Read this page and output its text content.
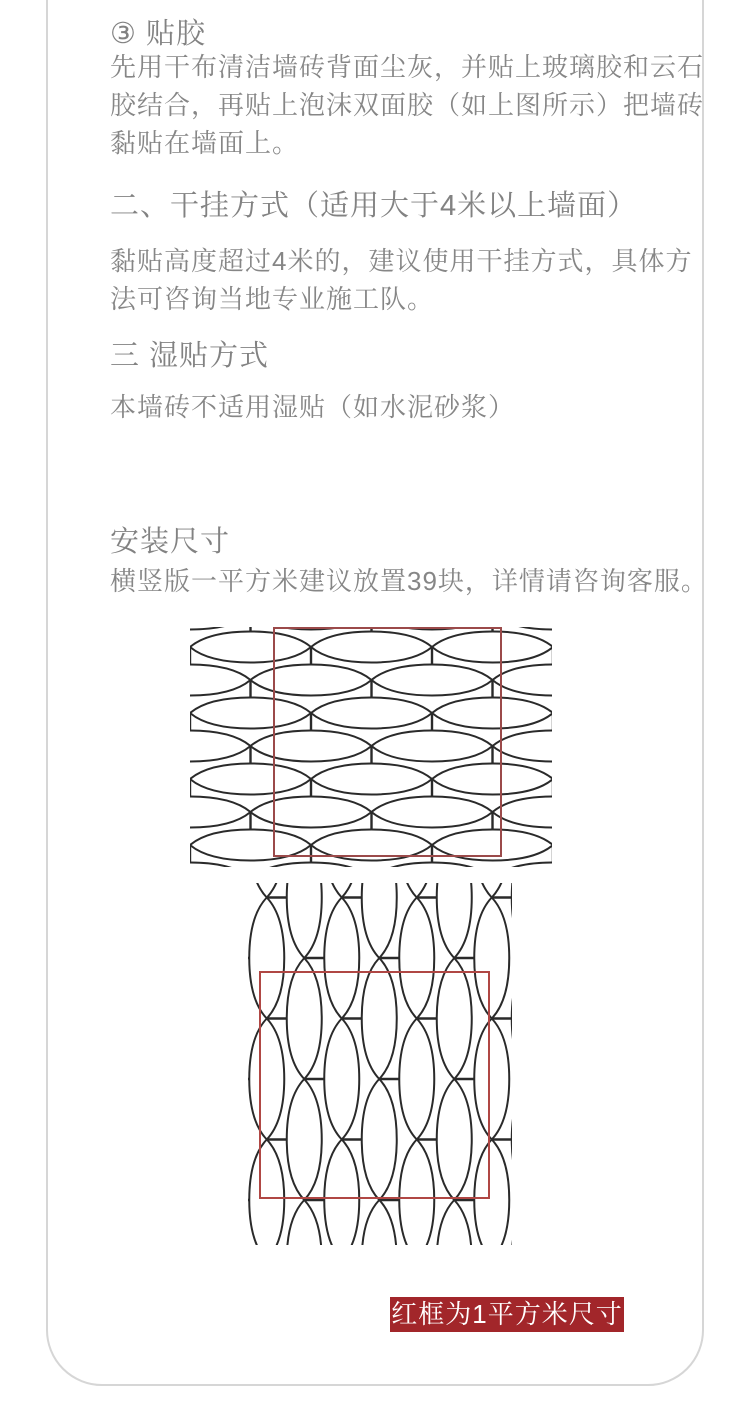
③ 贴胶
先用干布清洁墙砖背面尘灰，并贴上玻璃胶和云石
胶结合，再贴上泡沫双面胶（如上图所示）把墙砖
黏贴在墙面上。
二、干挂方式（适用大于4米以上墙面）
黏贴高度超过4米的，建议使用干挂方式，具体方
法可咨询当地专业施工队。
三 湿贴方式
本墙砖不适用湿贴（如水泥砂浆）
安装尺寸
横竖版一平方米建议放置39块，详情请咨询客服。
红框为1平方米尺寸
